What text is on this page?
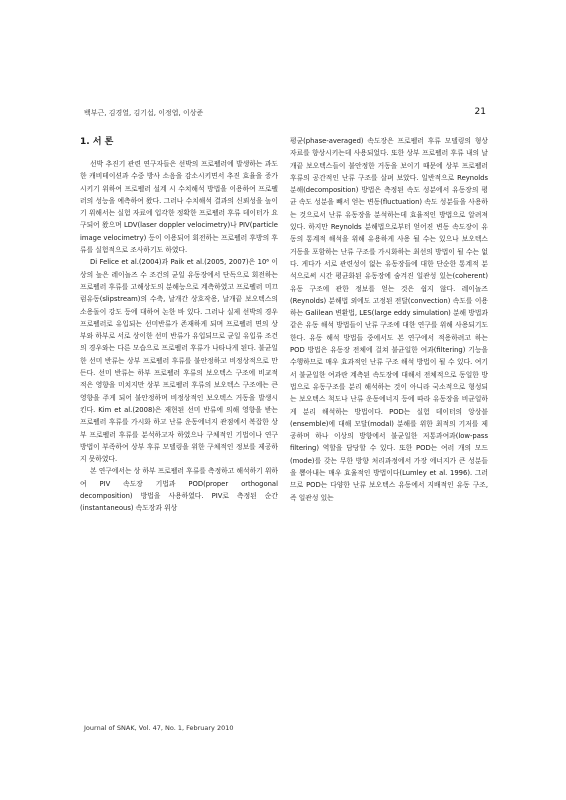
백부근, 김경열, 김기섭, 이정엽, 이상준	21
1. 서 론

선박 추진기 관련 연구자들은 선박의 프로펠러에 발생하는 과도한 캐비테이션과 수중 방사 소음을 감소시키면서 추진 효율을 증가시키기 위하여 프로펠러 설계 시 수치해석 방법을 이용하여 프로펠러의 성능을 예측하여 왔다. 그러나 수치해석 결과의 신뢰성을 높이기 위해서는 실험 자료에 입각한 정확한 프로펠러 후류 데이터가 요구되어 왔으며 LDV(laser doppler velocimetry)나 PIV(particle image velocimetry) 등이 이용되어 회전하는 프로펠러 후방의 후류를 실험적으로 조사하기도 하였다.

Di Felice et al.(2004)과 Paik et al.(2005, 2007)은 10⁶ 이상의 높은 레이놀즈 수 조건의 균일 유동장에서 단독으로 회전하는 프로펠러 후류를 고해상도의 분해능으로 계측하였고 프로펠러 미끄럼유동(slipstream)의 수축, 날개간 상호작용, 날개끝 보오텍스의 소용돌이 강도 등에 대하여 논한 바 있다. 그러나 실제 선박의 경우 프로펠러로 유입되는 선미반류가 존재하게 되며 프로펠러 면의 상부와 하부로 서로 상이한 선미 반류가 유입되므로 균일 유입류 조건의 경우와는 다른 모습으로 프로펠러 후류가 나타나게 된다. 불균일한 선미 반류는 상부 프로펠러 후류를 불안정하고 비정상적으로 만든다. 선미 반류는 하부 프로펠러 후류의 보오텍스 구조에 비교적 적은 영향을 미치지만 상부 프로펠러 후류의 보오텍스 구조에는 큰 영향을 주게 되어 불안정하며 비정상적인 보오텍스 거동을 발생시킨다. Kim et al.(2008)은 재현된 선미 반류에 의해 영향을 받는 프로펠러 후류를 가시화 하고 난류 운동에너지 관점에서 복잡한 상부 프로펠러 후류를 분석하고자 하였으나 구체적인 기법이나 연구 방법이 부족하여 상부 후류 모델링을 위한 구체적인 정보를 제공하지 못하였다.

본 연구에서는 상 하부 프로펠러 후류를 측정하고 해석하기 위하여 PIV 속도장 기법과 POD(proper orthogonal decomposition) 방법을 사용하였다. PIV로 측정된 순간(instantaneous) 속도장과 위상

평균(phase-averaged) 속도장은 프로펠러 후류 모델링의 형상 자료를 향상시키는데 사용되었다. 또한 상부 프로펠러 후류 내의 날개끝 보오텍스들이 불안정한 거동을 보이기 때문에 상부 프로펠러 후류의 공간적인 난류 구조를 살펴 보았다. 일반적으로 Reynolds 분해(decomposition) 방법은 측정된 속도 성분에서 유동장의 평균 속도 성분을 빼서 얻는 변동(fluctuation) 속도 성분들을 사용하는 것으로서 난류 유동장을 분석하는데 효율적인 방법으로 알려져 있다. 하지만 Reynolds 분해법으로부터 얻어진 변동 속도장이 유동의 통계적 해석을 위해 유용하게 사용 될 수는 있으나 보오텍스 거동을 포함하는 난류 구조를 가시화하는 최선의 방법이 될 수는 없다. 게다가 서로 관련성이 없는 유동장들에 대한 단순한 통계적 분석으로써 시간 평균화된 유동장에 숨겨진 일관성 있는(coherent) 유동 구조에 관한 정보를 얻는 것은 쉽지 않다. 레이놀즈(Reynolds) 분해법 외에도 고정된 전달(convection) 속도를 이용하는 Galilean 변환법, LES(large eddy simulation) 분해 방법과 같은 유동 해석 방법들이 난류 구조에 대한 연구를 위해 사용되기도 한다. 유동 해석 방법들 중에서도 본 연구에서 적용하려고 하는 POD 방법은 유동장 전체에 걸쳐 불균일한 여과(filtering) 기능을 수행하므로 매우 효과적인 난류 구조 해석 방법이 될 수 있다. 여기서 불균일한 여과란 계측된 속도장에 대해서 전체적으로 동일한 방법으로 유동구조를 분리 해석하는 것이 아니라 국소적으로 형성되는 보오텍스 척도나 난류 운동에너지 등에 따라 유동장을 비균일하게 분리 해석하는 방법이다. POD는 실험 데이터의 앙상블(ensemble)에 대해 모달(modal) 분해를 위한 최적의 기저를 제공하며 하나 이상의 방향에서 불균일한 저통과여과(low-pass filtering) 역할을 담당할 수 있다. 또한 POD는 여러 개의 모드(mode)를 갖는 무한 방향 처리과정에서 가장 에너지가 큰 성분들을 뽑아내는 매우 효율적인 방법이다(Lumley et al. 1996). 그러므로 POD는 다양한 난류 보오텍스 유동에서 지배적인 유동 구조, 즉 일관성 있는

Journal of SNAK, Vol. 47, No. 1, February 2010
